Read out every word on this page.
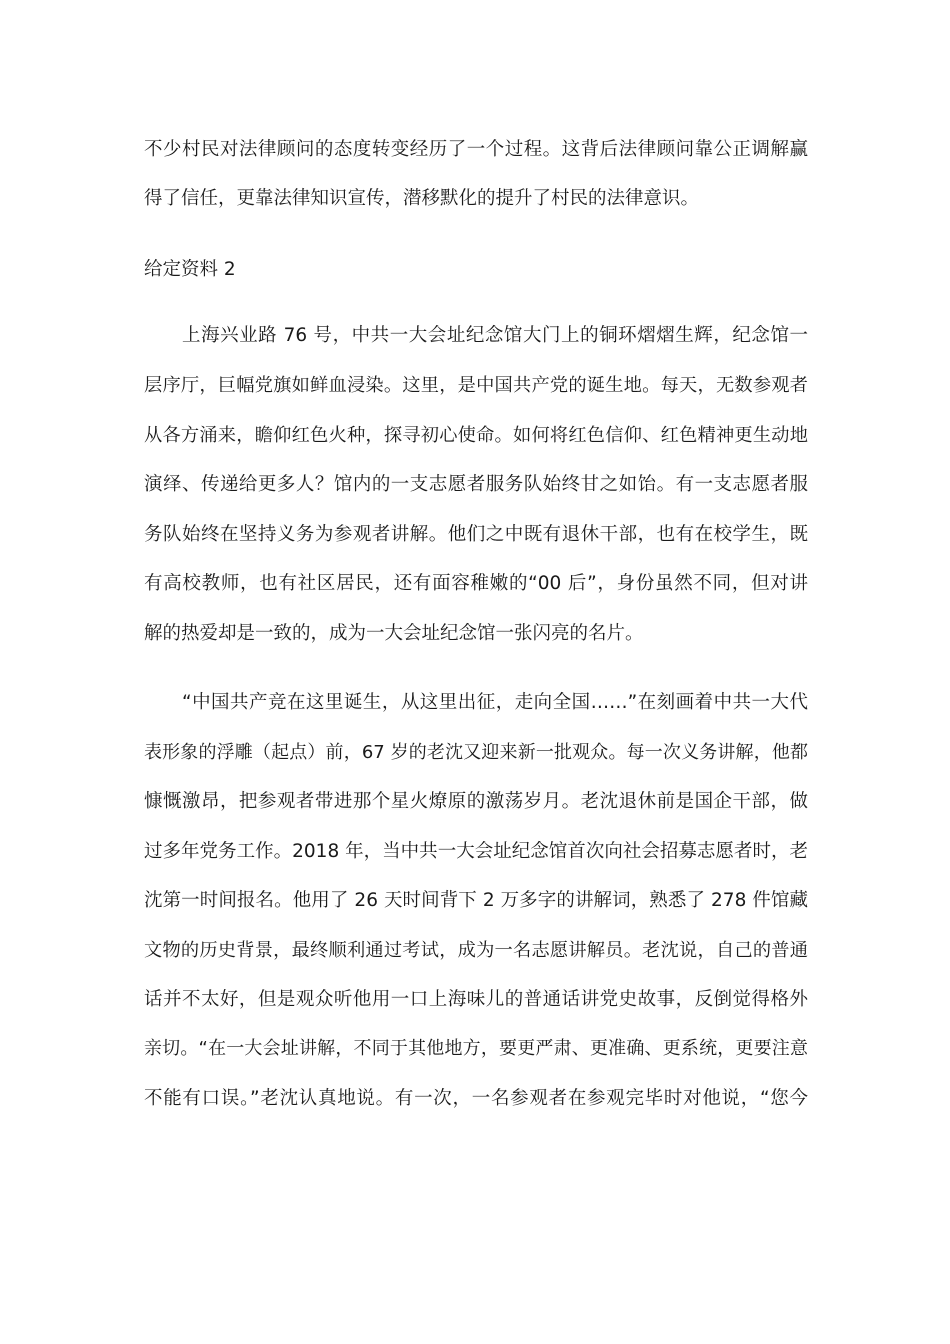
不少村民对法律顾问的态度转变经历了一个过程。这背后法律顾问靠公正调解赢
得了信任，更靠法律知识宣传，潜移默化的提升了村民的法律意识。
给定资料 2
上海兴业路 76 号，中共一大会址纪念馆大门上的铜环熠熠生辉，纪念馆一
层序厅，巨幅党旗如鲜血浸染。这里，是中国共产党的诞生地。每天，无数参观者
从各方涌来，瞻仰红色火种，探寻初心使命。如何将红色信仰、红色精神更生动地
演绎、传递给更多人？馆内的一支志愿者服务队始终甘之如饴。有一支志愿者服
务队始终在坚持义务为参观者讲解。他们之中既有退休干部，也有在校学生，既
有高校教师，也有社区居民，还有面容稚嫩的“00 后”，身份虽然不同，但对讲
解的热爱却是一致的，成为一大会址纪念馆一张闪亮的名片。
“中国共产竞在这里诞生，从这里出征，走向全国……”在刻画着中共一大代
表形象的浮雕（起点）前，67 岁的老沈又迎来新一批观众。每一次义务讲解，他都
慷慨激昂，把参观者带进那个星火燎原的激荡岁月。老沈退休前是国企干部，做
过多年党务工作。2018 年，当中共一大会址纪念馆首次向社会招募志愿者时，老
沈第一时间报名。他用了 26 天时间背下 2 万多字的讲解词，熟悉了 278 件馆藏
文物的历史背景，最终顺利通过考试，成为一名志愿讲解员。老沈说，自己的普通
话并不太好，但是观众听他用一口上海味儿的普通话讲党史故事，反倒觉得格外
亲切。“在一大会址讲解，不同于其他地方，要更严肃、更准确、更系统，更要注意
不能有口误。”老沈认真地说。有一次，一名参观者在参观完毕时对他说，“您今
